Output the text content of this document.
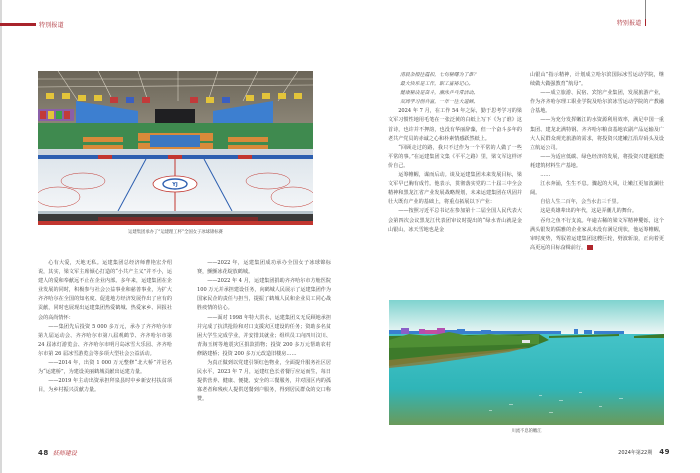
特别报道	特别报道
YJ
运建集团承办了“运建理工杯”全国女子冰球锦标赛

心有大爱，天地无私。运建集团总经济师曹艳宏介绍说，其实，梁文军主席倾心打造的“小共产主义”并不小，运建人的爱和奉献远不止在企业内部。多年来，运建集团在企业发展的同时，积极参与社会公益事业和慈善事业，为扩大齐齐哈尔在全国的知名度、促进地方经济发展作出了应有的贡献，同时也展现出运建集团热爱鹤城、热爱家乡、回报社会的高尚情怀：

——集团先后投资 5 000 多万元，承办了齐齐哈尔市第九届运动会、齐齐哈尔市第八届观鹤节、齐齐哈尔市第 24 届冰灯游览会、齐齐哈尔市明月岛冰雪大乐园、齐齐哈尔市第 26 届冰雪游览会等多项大型社会公益活动。

——2014 年，出资 1 000 万元整修“北大桥”并冠名为“运建桥”，为建设美丽鹤城贡献出运建力量。

——2019 年主动出资承担拜泉县时中乡新安村扶贫项目，为乡村振兴贡献力量。

——2022 年，运建集团成功承办全国女子冰球锦标赛，颤颤冰花绽放鹤城。

——2022 年 4 月，运建集团捐助齐齐哈尔市方舱医院 100 万元并承担建设任务，向鹤城人民展示了运建集团作为国家民企的责任与担当，提振了鹤城人民和企业员工同心战胜疫情的信心。

——面对 1998 年特大洪水，运建集团义无反顾地承担并完成了抗洪抢险和对口支援灾区建设的任务；资助多名贫困大学生完成学业，并安排其就业；组织员工向四川汶川、青海玉树等地震灾区捐款捐物；投资 200 多万元帮助农村修路建桥；投资 200 多万元改造旧楼房……

为真正做到以党建引领红色物业，全面提升服务社区居民水平，2023 年 7 月，运建红色长者餐厅应运而生，每日提供营养、健康、便捷、安全的三餐服务，并对园区内的孤寡老者和残疾人提供送餐到户服务，得到居民群众的交口称赞。

48 妖师建设

清晨杂掇往霞扣，七旬秘曙为了谁？

最大快乐是工作，职工富裕记心。

健康秘诀是奋斗，濒泳乒乓常活动。

双周学习创共富，一年一往大道鲜。

2024 年 7 月，在工作 54 年之际，勤于思考学习的梁文军习惯性地用毛笔在一张泛黄的白纸上写下《为了谁》这首诗，也许并不押韵，也没有华丽辞藻，但一个奋斗多年的老共产党员的赤诚之心和朴素情感跃然纸上。

“回顾走过的路，我只不过作为一个平常的人做了一些平常的事。”在运建集团文集《平平之路》里，梁文军这样评价自己。

运筹帷幄，谋而后动。谈及运建集团未来发展目标，梁文军早已胸有成竹。他表示，贯彻落实党的二十届三中全会精神和黑龙江省产业发展战略规划，未来运建集团在巩固并壮大既有产业的基础上，将重点拓展以下产业：

——按照习近平总书记在参加第十二届全国人民代表大会第四次会议黑龙江代表团审议时提出的“绿水青山就是金山银山，冰天雪地也是金

山银山”指示精神，计划成立哈尔滨国际冰雪运动学院，继续做大做强教育“航母”。

——成立旅游、民宿、宾馆产业集团，发展旅游产业，作为齐齐哈尔理工职业学院及哈尔滨冰雪运动学院的产教融合基地。

——为充分发挥嫩江的水资源利用效率，满足中国一重集团、建龙北满特钢、齐齐哈尔粮食基地农副产品运输及广大人民群众观光旅游的需求，将投资兴建嫩江沿岸码头及设立航运公司。

——为适应低碳、绿色经济的发展，将投资兴建超低能耗建筑材料生产基地。

……

江水奔涌，生生不息。骤起的大风，让嫩江更加波澜壮阔。

自信人生二百年，会当水击三千里。

这是英雄辈出的年代，这是弄潮儿的舞台。

吞舟之鱼不行支流。年逾古稀的梁文军精神矍铄，这个满头银发的儒雅的企业家从未没有满足现状，他运筹帷幄，审时度势，驾驭着运建集团这艘巨轮，劈波斩浪，正向着更高更远的目标奋楫前行。

川流不息的嫩江
2024年第22期 49
